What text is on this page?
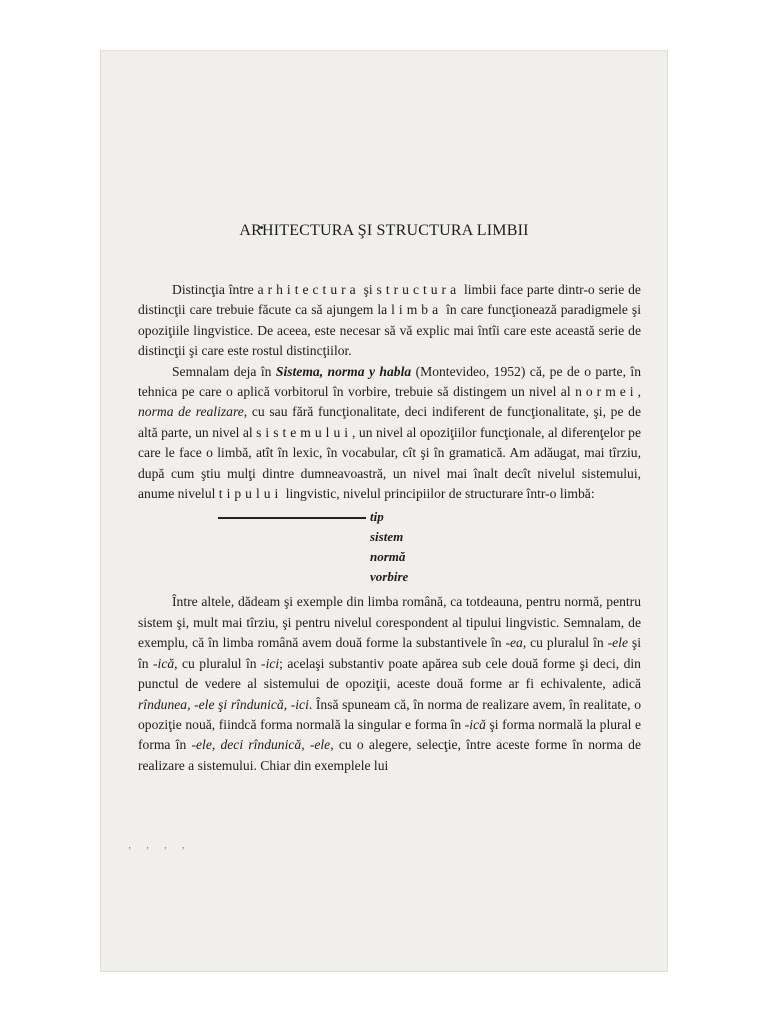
ARHITECTURA ŞI STRUCTURA LIMBII

Distincţia între arhitectura şi structura limbii face parte dintr-o serie de distincţii care trebuie făcute ca să ajungem la limba în care funcţionează paradigmele şi opoziţiile lingvistice. De aceea, este necesar să vă explic mai întîi care este această serie de distincţii şi care este rostul distincţiilor.

Semnalam deja în Sistema, norma y habla (Montevideo, 1952) că, pe de o parte, în tehnica pe care o aplică vorbitorul în vorbire, trebuie să distingem un nivel al normei, norma de realizare, cu sau fără funcţionalitate, deci indiferent de funcţionalitate, şi, pe de altă parte, un nivel al sistemului, un nivel al opoziţiilor funcţionale, al diferenţelor pe care le face o limbă, atît în lexic, în vocabular, cît şi în gramatică. Am adăugat, mai tîrziu, după cum ştiu mulţi dintre dumneavoastră, un nivel mai înalt decît nivelul sistemului, anume nivelul tipului lingvistic, nivelul principiilor de structurare într-o limbă:

tip
sistem
normă
vorbire

Între altele, dădeam şi exemple din limba română, ca totdeauna, pentru normă, pentru sistem şi, mult mai tîrziu, şi pentru nivelul corespondent al tipului lingvistic. Semnalam, de exemplu, că în limba română avem două forme la substantivele în -ea, cu pluralul în -ele şi în -ică, cu pluralul în -ici; acelaşi substantiv poate apărea sub cele două forme şi deci, din punctul de vedere al sistemului de opoziţii, aceste două forme ar fi echivalente, adică rîndunea, -ele şi rîndunică, -ici. Însă spuneam că, în norma de realizare avem, în realitate, o opoziţie nouă, fiindcă forma normală la singular e forma în -ică şi forma normală la plural e forma în -ele, deci rîndunică, -ele, cu o alegere, selecţie, între aceste forme în norma de realizare a sistemului. Chiar din exemplele lui

ʼ ʼ ʼ ʼ
